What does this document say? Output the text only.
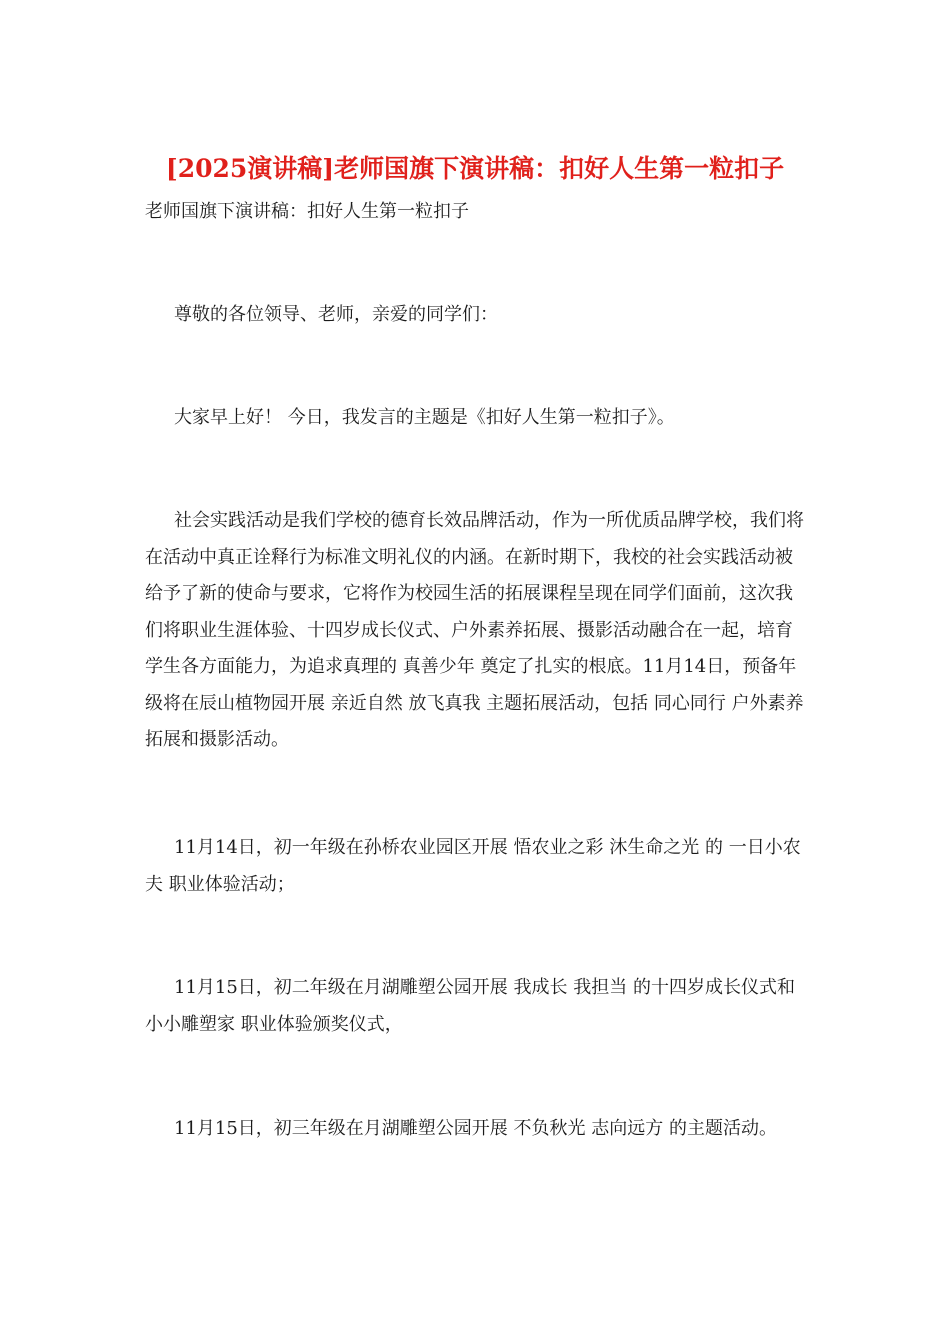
[2025演讲稿]老师国旗下演讲稿：扣好人生第一粒扣子

老师国旗下演讲稿：扣好人生第一粒扣子

尊敬的各位领导、老师，亲爱的同学们：

大家早上好！ 今日，我发言的主题是《扣好人生第一粒扣子》。

社会实践活动是我们学校的德育长效品牌活动，作为一所优质品牌学校，我们将在活动中真正诠释行为标准文明礼仪的内涵。在新时期下，我校的社会实践活动被给予了新的使命与要求，它将作为校园生活的拓展课程呈现在同学们面前，这次我们将职业生涯体验、十四岁成长仪式、户外素养拓展、摄影活动融合在一起，培育学生各方面能力，为追求真理的 真善少年 奠定了扎实的根底。11月14日，预备年级将在辰山植物园开展 亲近自然 放飞真我 主题拓展活动，包括 同心同行 户外素养拓展和摄影活动。

11月14日，初一年级在孙桥农业园区开展 悟农业之彩 沐生命之光 的 一日小农夫 职业体验活动；

11月15日，初二年级在月湖雕塑公园开展 我成长 我担当 的十四岁成长仪式和 小小雕塑家 职业体验颁奖仪式，

11月15日，初三年级在月湖雕塑公园开展 不负秋光 志向远方 的主题活动。
